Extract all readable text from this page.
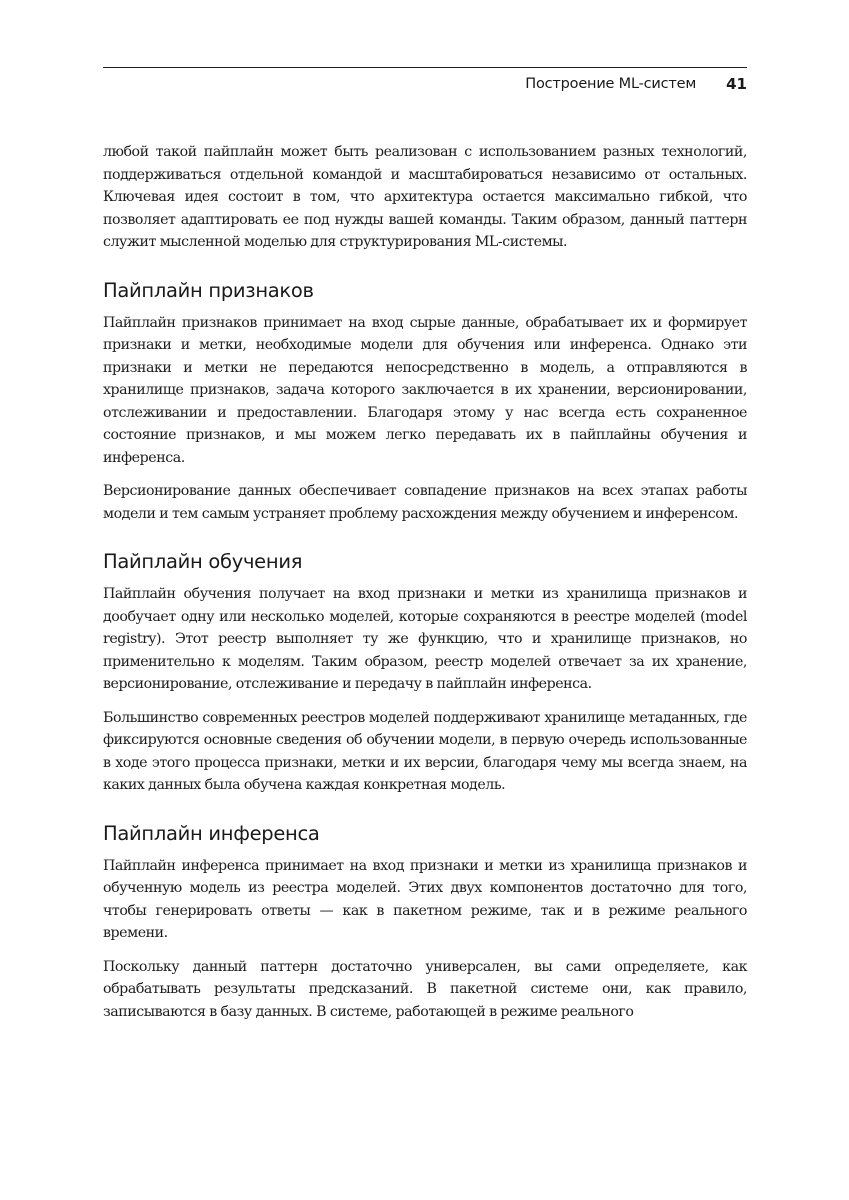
Построение ML-систем 41

любой такой пайплайн может быть реализован с использованием разных технологий, поддерживаться отдельной командой и масштабироваться независимо от остальных. Ключевая идея состоит в том, что архитектура остается максимально гибкой, что позволяет адаптировать ее под нужды вашей команды. Таким образом, данный паттерн служит мысленной моделью для структурирования ML-системы.

Пайплайн признаков

Пайплайн признаков принимает на вход сырые данные, обрабатывает их и формирует признаки и метки, необходимые модели для обучения или инференса. Однако эти признаки и метки не передаются непосредственно в модель, а отправляются в хранилище признаков, задача которого заключается в их хранении, версионировании, отслеживании и предоставлении. Благодаря этому у нас всегда есть сохраненное состояние признаков, и мы можем легко передавать их в пайплайны обучения и инференса.

Версионирование данных обеспечивает совпадение признаков на всех этапах работы модели и тем самым устраняет проблему расхождения между обучением и инференсом.

Пайплайн обучения

Пайплайн обучения получает на вход признаки и метки из хранилища признаков и дообучает одну или несколько моделей, которые сохраняются в реестре моделей (model registry). Этот реестр выполняет ту же функцию, что и хранилище признаков, но применительно к моделям. Таким образом, реестр моделей отвечает за их хранение, версионирование, отслеживание и передачу в пайплайн инференса.

Большинство современных реестров моделей поддерживают хранилище метаданных, где фиксируются основные сведения об обучении модели, в первую очередь использованные в ходе этого процесса признаки, метки и их версии, благодаря чему мы всегда знаем, на каких данных была обучена каждая конкретная модель.

Пайплайн инференса

Пайплайн инференса принимает на вход признаки и метки из хранилища признаков и обученную модель из реестра моделей. Этих двух компонентов достаточно для того, чтобы генерировать ответы — как в пакетном режиме, так и в режиме реального времени.

Поскольку данный паттерн достаточно универсален, вы сами определяете, как обрабатывать результаты предсказаний. В пакетной системе они, как правило, записываются в базу данных. В системе, работающей в режиме реального
